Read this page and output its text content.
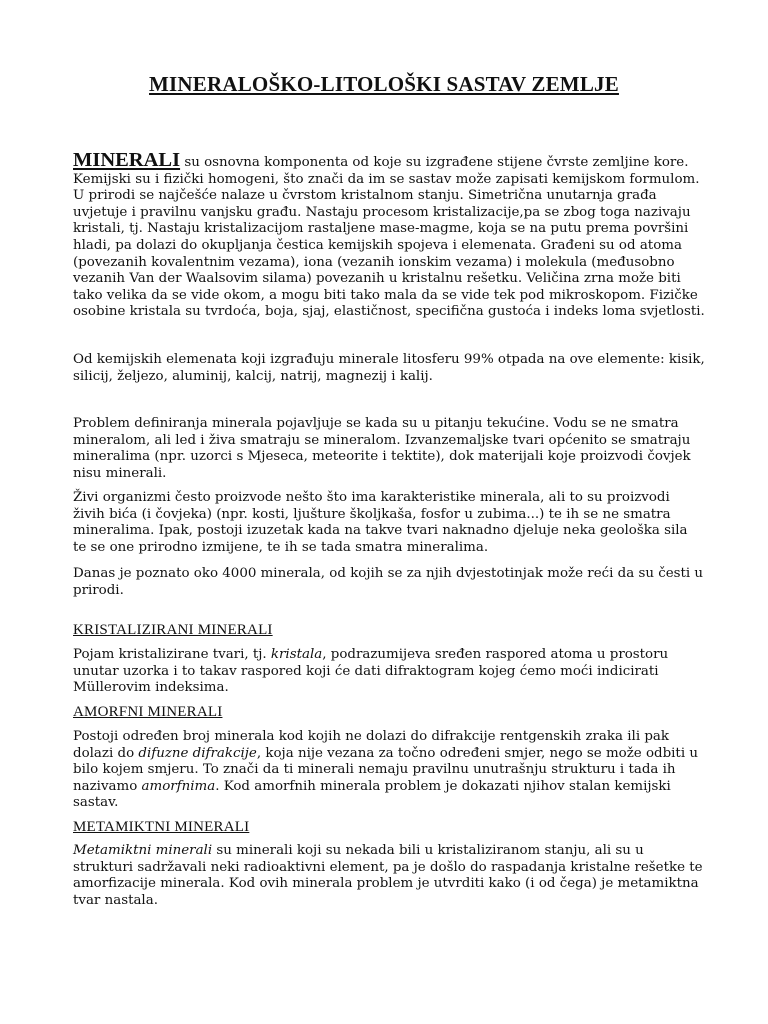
MINERALOŠKO-LITOLOŠKI SASTAV ZEMLJE
MINERALI su osnovna komponenta od koje su izgrađene stijene čvrste zemljine kore. Kemijski su i fizički homogeni, što znači da im se sastav može zapisati kemijskom formulom. U prirodi se najčešće nalaze u čvrstom kristalnom stanju. Simetrična unutarnja građa uvjetuje i pravilnu vanjsku građu. Nastaju procesom kristalizacije,pa se zbog toga nazivaju kristali, tj. Nastaju kristalizacijom rastaljene mase-magme, koja se na putu prema površini hladi, pa dolazi do okupljanja čestica kemijskih spojeva i elemenata. Građeni su od atoma (povezanih kovalentnim vezama), iona (vezanih ionskim vezama) i molekula (međusobno vezanih Van der Waalsovim silama) povezanih u kristalnu rešetku. Veličina zrna može biti tako velika da se vide okom, a mogu biti tako mala da se vide tek pod mikroskopom. Fizičke osobine kristala su tvrdoća, boja, sjaj, elastičnost, specifična gustoća i indeks loma svjetlosti.
Od kemijskih elemenata koji izgrađuju minerale litosferu 99% otpada na ove elemente: kisik, silicij, željezo, aluminij, kalcij, natrij, magnezij i kalij.
Problem definiranja minerala pojavljuje se kada su u pitanju tekućine. Vodu se ne smatra mineralom, ali led i živa smatraju se mineralom. Izvanzemaljske tvari općenito se smatraju mineralima (npr. uzorci s Mjeseca, meteorite i tektite), dok materijali koje proizvodi čovjek nisu minerali.
Živi organizmi često proizvode nešto što ima karakteristike minerala, ali to su proizvodi živih bića (i čovjeka) (npr. kosti, ljušture školjkaša, fosfor u zubima...) te ih se ne smatra mineralima. Ipak, postoji izuzetak kada na takve tvari naknadno djeluje neka geološka sila te se one prirodno izmijene, te ih se tada smatra mineralima.
Danas je poznato oko 4000 minerala, od kojih se za njih dvjestotinjak može reći da su česti u prirodi.
KRISTALIZIRANI MINERALI
Pojam kristalizirane tvari, tj. kristala, podrazumijeva sređen raspored atoma u prostoru unutar uzorka i to takav raspored koji će dati difraktogram kojeg ćemo moći indicirati Müllerovim indeksima.
AMORFNI MINERALI
Postoji određen broj minerala kod kojih ne dolazi do difrakcije rentgenskih zraka ili pak dolazi do difuzne difrakcije, koja nije vezana za točno određeni smjer, nego se može odbiti u bilo kojem smjeru. To znači da ti minerali nemaju pravilnu unutrašnju strukturu i tada ih nazivamo amorfnima. Kod amorfnih minerala problem je dokazati njihov stalan kemijski sastav.
METAMIKTNI MINERALI
Metamiktni minerali su minerali koji su nekada bili u kristaliziranom stanju, ali su u strukturi sadržavali neki radioaktivni element, pa je došlo do raspadanja kristalne rešetke te amorfizacije minerala. Kod ovih minerala problem je utvrditi kako (i od čega) je metamiktna tvar nastala.
